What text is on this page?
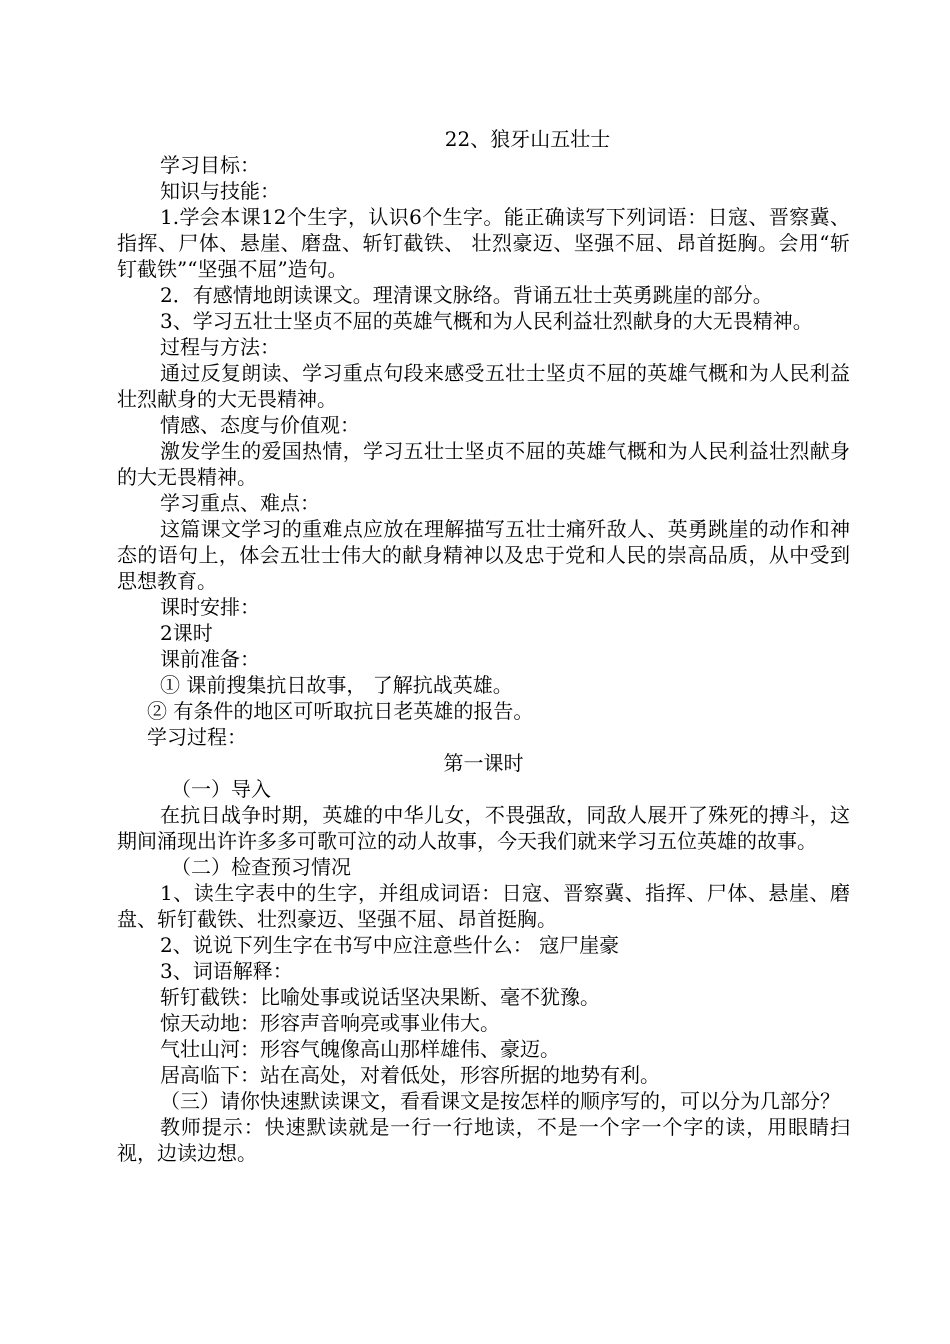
22、狼牙山五壮士

学习目标：

知识与技能：

1.学会本课12个生字，认识6个生字。能正确读写下列词语：日寇、晋察冀、指挥、尸体、悬崖、磨盘、斩钉截铁、 壮烈豪迈、坚强不屈、昂首挺胸。会用“斩钉截铁”“坚强不屈”造句。

2．有感情地朗读课文。理清课文脉络。背诵五壮士英勇跳崖的部分。

3、学习五壮士坚贞不屈的英雄气概和为人民利益壮烈献身的大无畏精神。

过程与方法：

通过反复朗读、学习重点句段来感受五壮士坚贞不屈的英雄气概和为人民利益壮烈献身的大无畏精神。

情感、态度与价值观：

激发学生的爱国热情，学习五壮士坚贞不屈的英雄气概和为人民利益壮烈献身的大无畏精神。

学习重点、难点：

这篇课文学习的重难点应放在理解描写五壮士痛歼敌人、英勇跳崖的动作和神态的语句上，体会五壮士伟大的献身精神以及忠于党和人民的崇高品质，从中受到思想教育。

课时安排：

2课时

课前准备：

① 课前搜集抗日故事， 了解抗战英雄。

② 有条件的地区可听取抗日老英雄的报告。

学习过程：

第一课时

（一）导入

在抗日战争时期，英雄的中华儿女，不畏强敌，同敌人展开了殊死的搏斗，这期间涌现出许许多多可歌可泣的动人故事，今天我们就来学习五位英雄的故事。

（二）检查预习情况

1、读生字表中的生字，并组成词语：日寇、晋察冀、指挥、尸体、悬崖、磨盘、斩钉截铁、壮烈豪迈、坚强不屈、昂首挺胸。

2、说说下列生字在书写中应注意些什么： 寇尸崖豪

3、词语解释：

斩钉截铁：比喻处事或说话坚决果断、毫不犹豫。

惊天动地：形容声音响亮或事业伟大。

气壮山河：形容气魄像高山那样雄伟、豪迈。

居高临下：站在高处，对着低处，形容所据的地势有利。

（三）请你快速默读课文，看看课文是按怎样的顺序写的，可以分为几部分？

教师提示：快速默读就是一行一行地读，不是一个字一个字的读，用眼睛扫视，边读边想。
